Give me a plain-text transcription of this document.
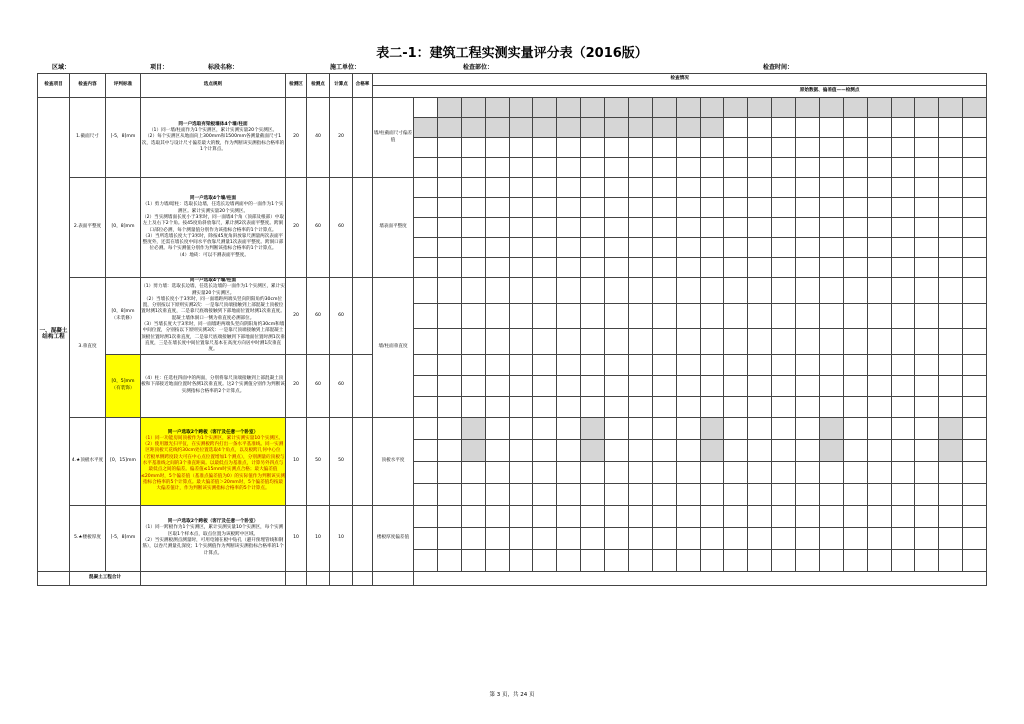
表二-1：建筑工程实测实量评分表（2016版）
区域：	项目：	标段名称：	施工单位：	检查部位：	检查时间：
检查项目	检查内容	评判标准	选点规则	检测区	检测点	计算点	合格率	检查情况																								
								原始数据、偏差值——检测点																								
一、混凝土结构工程	1.截面尺寸	[-5，8]mm	同一户选取有梁板墙体4个墙/柱面
（1）同一墙/柱面作为1个实测区，累计实测实量20个实测区。
（2）每个实测区从地面向上300mm和1500mm各测量截面尺寸1次，选取其中与设计尺寸偏差最大的数，作为判断该实测指标合格率的1个计算点。	20	40	20		墙/柱截面尺寸偏差值																								

	2.表面平整度	[0，8]mm	同一户选取4个墙/柱面
（1）剪力墙/暗柱：选取长边墙，任选长边墙两面中的一面作为1个实测区。累计实测实量20个实测区。
（2）当实测墙面长度小于3米时，同一面墙4个角（顶部及根部）中取左上及右下2个角。按45度角斜放靠尺，累计测2次表面平整度。跨洞口部位必测，每个测量值分别作为该指标合格率的1个计算点。
（3）当所选墙长度大于3米时，除按45度角斜放靠尺测量两次表面平整度外，还需在墙长度中间水平放靠尺测量1次表面平整度。跨洞口部位必测。每个实测值分别作为判断该指标合格率的1个计算点。
（4）地砖：可以不测表面平整度。	20	60	60		墙表面平整度																								

	3.垂直度	[0，8]mm
（未装修）	同一户选取4个墙/柱面
（1）剪力墙：选取长边墙，任选长边墙的一面作为1个实测区，累计实测实量20个实测区。
（2）当墙长度小于3米时，同一面墙距两端头竖向阴阳角约30cm位置，分别按以下原则实测2次：一是靠尺顶端接触到上部混凝土顶板位置时测1次垂直度，二是靠尺底端接触到下部地面位置时测1次垂直度。混凝土墙体洞口一侧为垂直度必测部位。
（3）当墙长度大于3米时，同一面墙距两端头竖向阴阳角约30cm和墙中间位置，分别按以下原则实测3次：一是靠尺顶端接触到上部混凝土顶板位置时测1次垂直度，二是靠尺底端接触到下部地面位置时测1次垂直度，三是在墙长度中间位置靠尺基本在高度方向居中时测1次垂直度。	20	60	60		墙/柱面垂直度																								

		[0，5]mm
（有装饰）	（4）柱：任选柱四面中的两面，分别将靠尺顶端接触到上部混凝土顶板和下部接近地面位置时各测1次垂直度。这2个实测值分别作为判断该实测指标合格率的2个计算点。	20	60	60																										

	4.★顶板水平度	[0，15]mm	同一户选取2个跨板（客厅及任意一个卧室）
（1）同一功能房间顶板作为1个实测区，累计实测实量10个实测区。
（2）使用激光扫平仪，在实测板跨内打出一条水平基准线。同一实测区距顶板天花线约30cm处位置选取4个角点，以及板跨几何中心位（若板单侧跨度较大可在中心点位置增加1个测点），分别测量砼顶板与水平基准线之间的3个垂直距离。以最低点为基准点，计算另外四点与最低点之间的偏差。偏差值≤15mm时实测点合格；最大偏差值≤20mm时，5个偏差值（基准点偏差值为0）的实际值作为判断该实测指标合格率的5个计算点。最大偏差值＞20mm时，5个偏差值均按最大偏差值计，作为判断该实测指标合格率的5个计算点。	10	50	50		顶板水平度																								

	5.★楼板厚度	[-5，8]mm	同一户选取2个跨板（客厅及任意一个卧室）
（1）同一跨板作为1个实测区，累计实测实量10个实测区，每个实测区取1个样本点，取点位置为该板跨中区域。
（2）当实测板测点测量时，可用电锤在板中钻孔（避开预埋管线和钢筋），以卷尺测量孔深度；1个实测值作为判断该实测指标合格率的1个计算点。	10	10	10		楼板厚度偏差值																								

	混凝土工程合计																															
第 3 页，共 24 页
